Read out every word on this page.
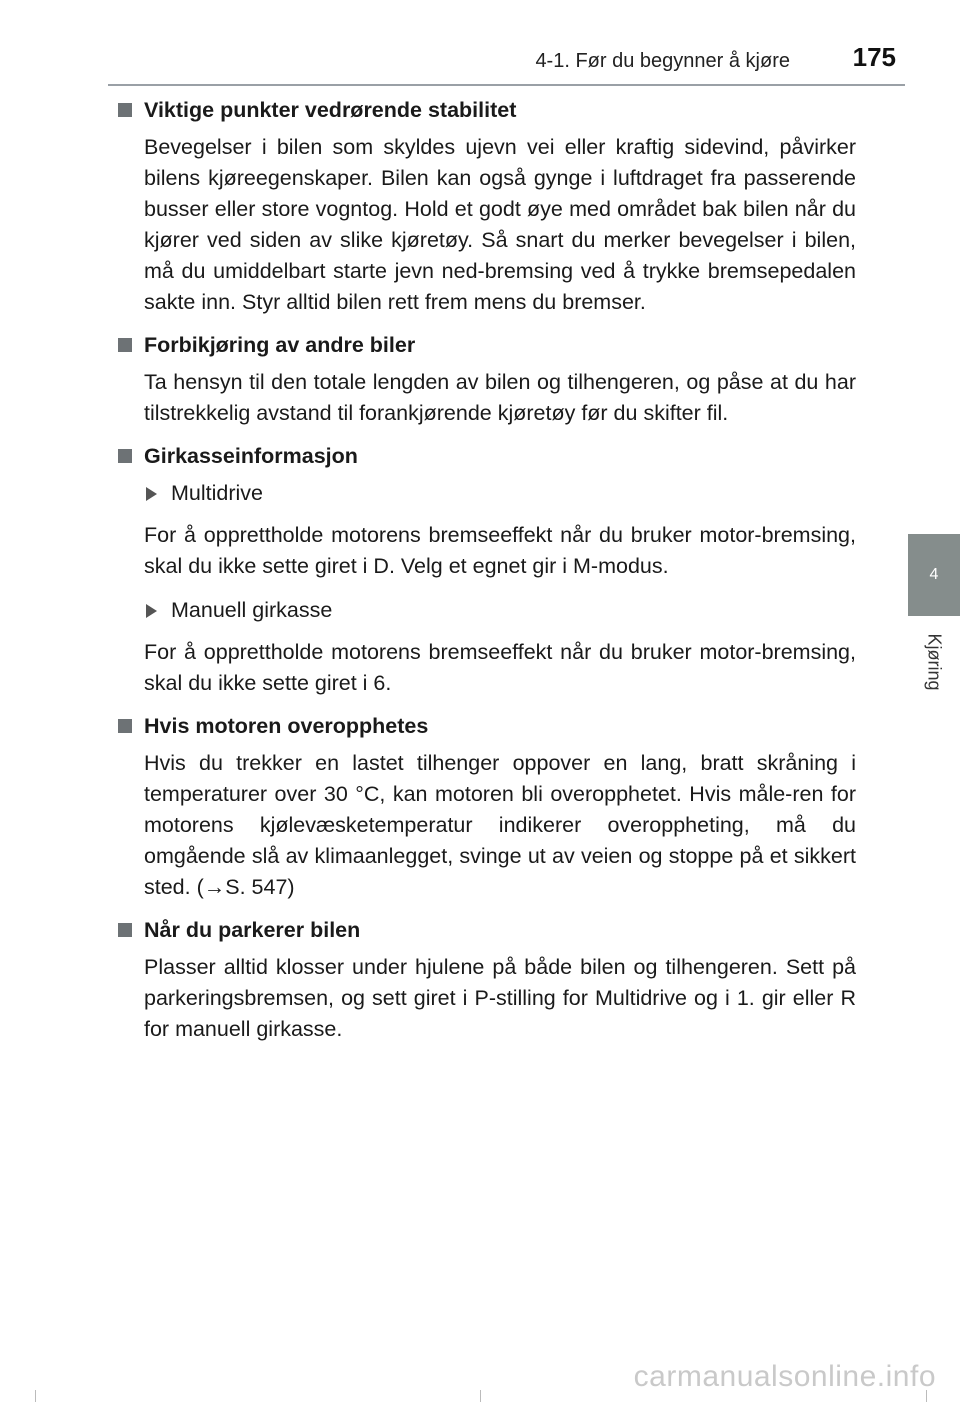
4-1. Før du begynner å kjøre 175
4
Kjøring
Viktige punkter vedrørende stabilitet

Bevegelser i bilen som skyldes ujevn vei eller kraftig sidevind, påvirker bilens kjøreegenskaper. Bilen kan også gynge i luftdraget fra passerende busser eller store vogntog. Hold et godt øye med området bak bilen når du kjører ved siden av slike kjøretøy. Så snart du merker bevegelser i bilen, må du umiddelbart starte jevn ned-bremsing ved å trykke bremsepedalen sakte inn. Styr alltid bilen rett frem mens du bremser.

Forbikjøring av andre biler

Ta hensyn til den totale lengden av bilen og tilhengeren, og påse at du har tilstrekkelig avstand til forankjørende kjøretøy før du skifter fil.

Girkasseinformasjon
Multidrive

For å opprettholde motorens bremseeffekt når du bruker motor-bremsing, skal du ikke sette giret i D. Velg et egnet gir i M-modus.

Manuell girkasse

For å opprettholde motorens bremseeffekt når du bruker motor-bremsing, skal du ikke sette giret i 6.

Hvis motoren overopphetes

Hvis du trekker en lastet tilhenger oppover en lang, bratt skråning i temperaturer over 30 °C, kan motoren bli overopphetet. Hvis måle-ren for motorens kjølevæsketemperatur indikerer overoppheting, må du omgående slå av klimaanlegget, svinge ut av veien og stoppe på et sikkert sted. (→S. 547)

Når du parkerer bilen

Plasser alltid klosser under hjulene på både bilen og tilhengeren. Sett på parkeringsbremsen, og sett giret i P-stilling for Multidrive og i 1. gir eller R for manuell girkasse.

carmanualsonline.info
